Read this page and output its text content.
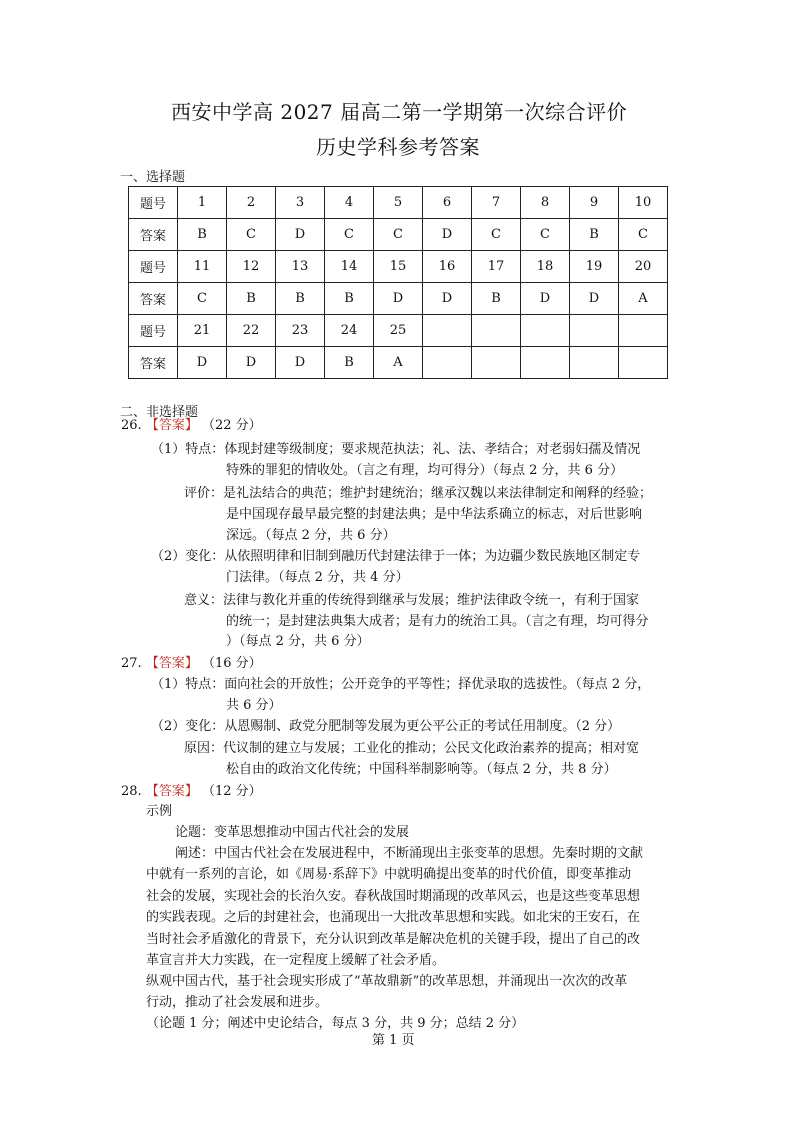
西安中学高 2027 届高二第一学期第一次综合评价
历史学科参考答案
一、选择题
题号	1	2	3	4	5	6	7	8	9	10
答案	B	C	D	C	C	D	C	C	B	C
题号	11	12	13	14	15	16	17	18	19	20
答案	C	B	B	B	D	D	B	D	D	A
题号	21	22	23	24	25					
答案	D	D	D	B	A					
二、非选择题
26. 【答案】 （22 分）
（1）特点：体现封建等级制度；要求规范执法；礼、法、孝结合；对老弱妇孺及情况
特殊的罪犯的情收处。（言之有理，均可得分）（每点 2 分，共 6 分）
评价：是礼法结合的典范；维护封建统治；继承汉魏以来法律制定和阐释的经验；
是中国现存最早最完整的封建法典；是中华法系确立的标志，对后世影响
深远。（每点 2 分，共 6 分）
（2）变化：从依照明律和旧制到融历代封建法律于一体；为边疆少数民族地区制定专
门法律。（每点 2 分，共 4 分）
意义：法律与教化并重的传统得到继承与发展；维护法律政令统一，有利于国家
的统一；是封建法典集大成者；是有力的统治工具。（言之有理，均可得分
）（每点 2 分，共 6 分）
27. 【答案】 （16 分）
（1）特点：面向社会的开放性；公开竞争的平等性；择优录取的选拔性。（每点 2 分，
共 6 分）
（2）变化：从恩赐制、政党分肥制等发展为更公平公正的考试任用制度。（2 分）
原因：代议制的建立与发展；工业化的推动；公民文化政治素养的提高；相对宽
松自由的政治文化传统；中国科举制影响等。（每点 2 分，共 8 分）
28. 【答案】 （12 分）
示例
论题：变革思想推动中国古代社会的发展
阐述：中国古代社会在发展进程中，不断涌现出主张变革的思想。先秦时期的文献
中就有一系列的言论，如《周易·系辞下》中就明确提出变革的时代价值，即变革推动
社会的发展，实现社会的长治久安。春秋战国时期涌现的改革风云，也是这些变革思想
的实践表现。之后的封建社会，也涌现出一大批改革思想和实践。如北宋的王安石，在
当时社会矛盾激化的背景下，充分认识到改革是解决危机的关键手段，提出了自己的改
革宣言并大力实践，在一定程度上缓解了社会矛盾。
纵观中国古代，基于社会现实形成了“革故鼎新”的改革思想，并涌现出一次次的改革
行动，推动了社会发展和进步。
（论题 1 分；阐述中史论结合，每点 3 分，共 9 分；总结 2 分）
第 1 页
